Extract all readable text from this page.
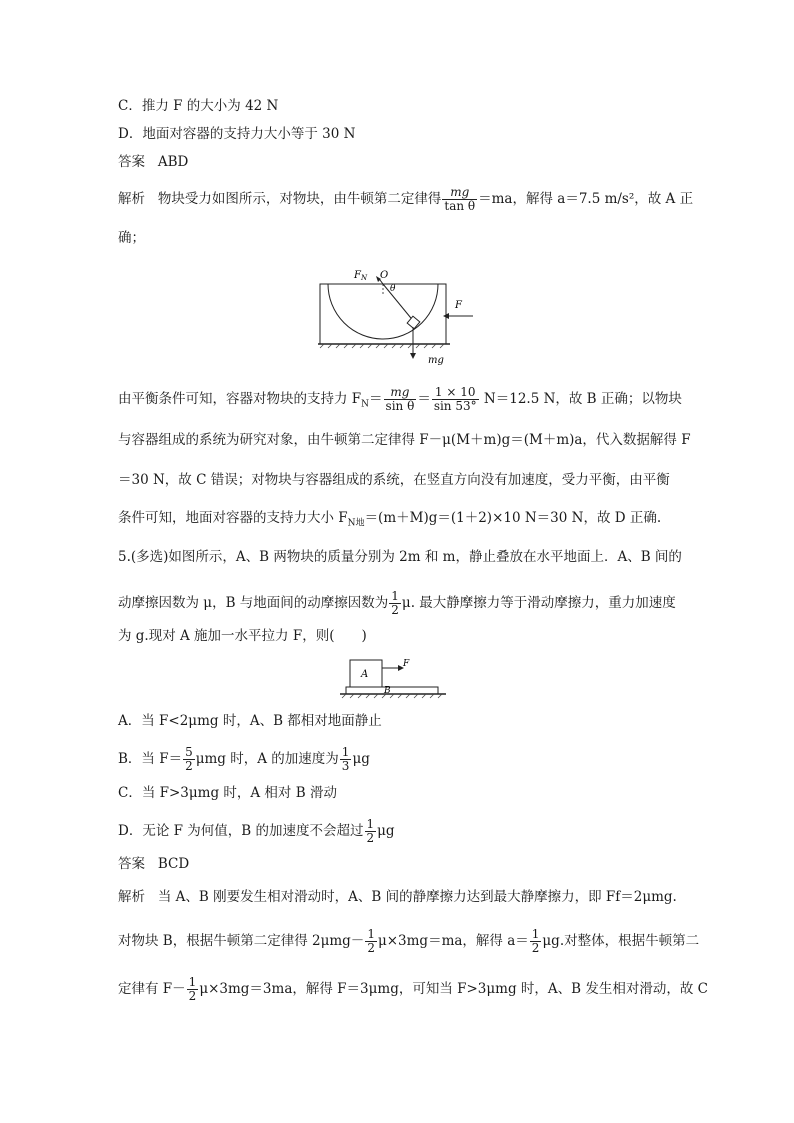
C．推力 F 的大小为 42 N
D．地面对容器的支持力大小等于 30 N
答案 ABD
解析 物块受力如图所示，对物块，由牛顿第二定律得 $\frac{mg}{\text{tan θ}} =ma$，解得 a＝7.5 m/s²，故 A 正
确；
$F_N$ O
θ
F
mg
由平衡条件可知，容器对物块的支持力 $F_N= \frac{mg}{\text{sin θ}} = \frac{1 \times 10}{\sin 53^\circ} N=12.5$ N，故 B 正确；以物块
与容器组成的系统为研究对象，由牛顿第二定律得 F－μ(M＋m)g＝(M＋m)a，代入数据解得 F
＝30 N，故 C 错误；对物块与容器组成的系统，在竖直方向没有加速度，受力平衡，由平衡
条件可知，地面对容器的支持力大小 $F_{N地}=(m+M)g=(1+2)\times 10$ N＝30 N，故 D 正确.
5.(多选)如图所示，A、B 两物块的质量分别为 2m 和 m，静止叠放在水平地面上．A、B 间的
动摩擦因数为 μ，B 与地面间的动摩擦因数为 $\frac{1}{2} \mu$. 最大静摩擦力等于滑动摩擦力，重力加速度
为 g.现对 A 施加一水平拉力 F，则(　　)
A
B
F
A．当 F<2μmg 时，A、B 都相对地面静止
B．当 $F= \frac{5}{2}$ μmg 时，A 的加速度为 $\frac{1}{3}$ μg
C．当 F>3μmg 时，A 相对 B 滑动
D．无论 F 为何值，B 的加速度不会超过 $\frac{1}{2}$ μg
答案 BCD
解析 当 A、B 刚要发生相对滑动时，A、B 间的静摩擦力达到最大静摩擦力，即 Ff＝2μmg.
对物块 B，根据牛顿第二定律得 $2\mu mg- \frac{1}{2} \mu\times 3mg=ma$，解得 $a= \frac{1}{2} \mu g$.对整体，根据牛顿第二
定律有 $F- \frac{1}{2} \mu\times 3mg=3ma$，解得 F＝3μmg，可知当 F>3μmg 时，A、B 发生相对滑动，故 C
